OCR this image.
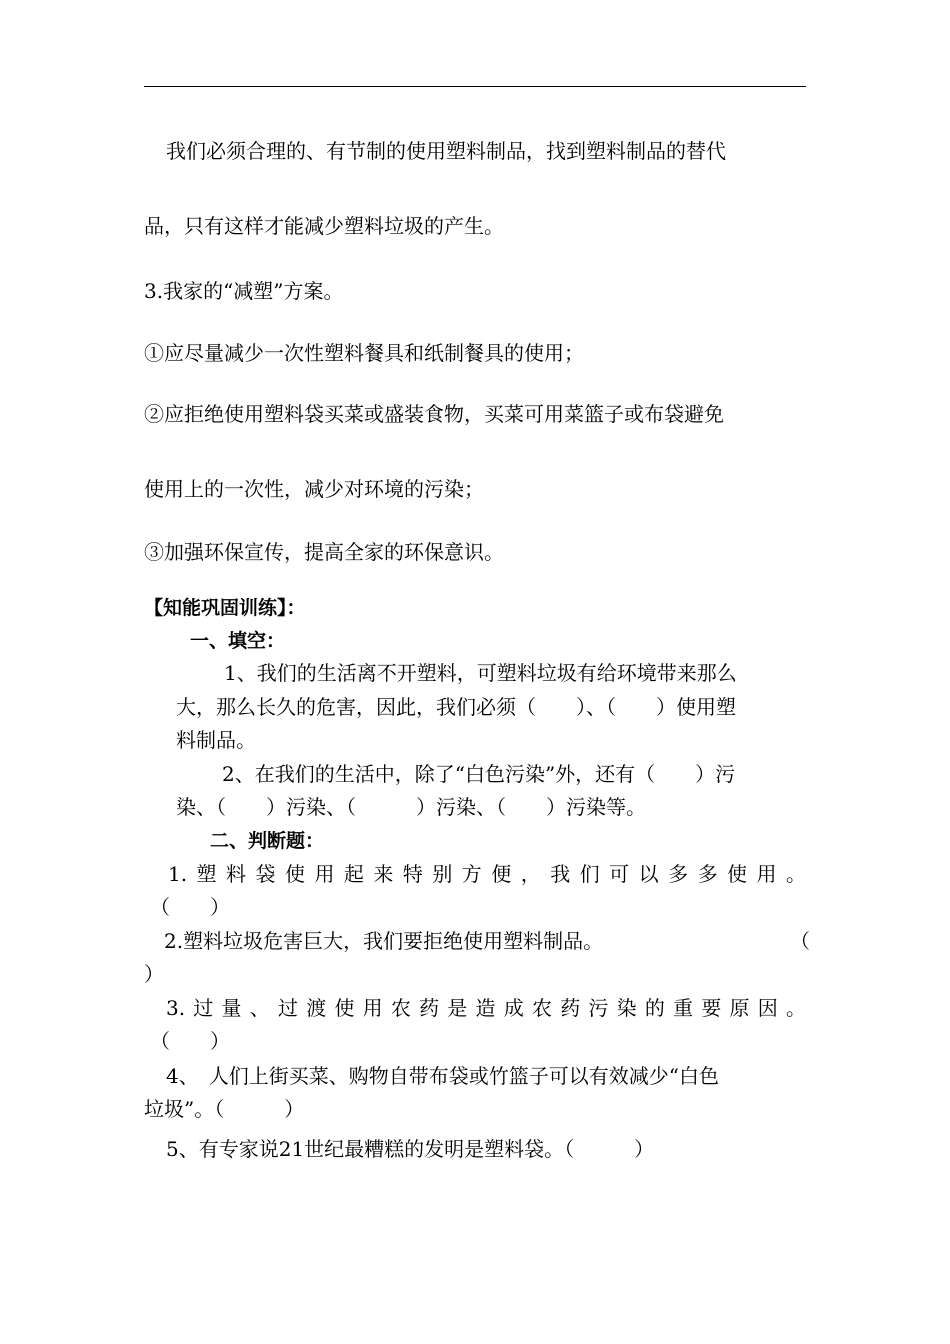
我们必须合理的、有节制的使用塑料制品，找到塑料制品的替代
品，只有这样才能减少塑料垃圾的产生。
3.我家的“减塑”方案。
①应尽量减少一次性塑料餐具和纸制餐具的使用；
②应拒绝使用塑料袋买菜或盛装食物，买菜可用菜篮子或布袋避免
使用上的一次性，减少对环境的污染；
③加强环保宣传，提高全家的环保意识。
【知能巩固训练】：
一、填空：
1、我们的生活离不开塑料，可塑料垃圾有给环境带来那么
大，那么长久的危害，因此，我们必须（　　）、（　　）使用塑
料制品。
2、在我们的生活中，除了“白色污染”外，还有（　　）污
染、（　　）污染、（　　　）污染、（　　）污染等。
二、判断题：
1.塑料袋使用起来特别方便，我们可以多多使用。
（　　）
2.塑料垃圾危害巨大，我们要拒绝使用塑料制品。	（
）
3.过量、过渡使用农药是造成农药污染的重要原因。
（　　）
4、　人们上街买菜、购物自带布袋或竹篮子可以有效减少“白色
垃圾”。（　　　）
5、有专家说21世纪最糟糕的发明是塑料袋。（　　　）
